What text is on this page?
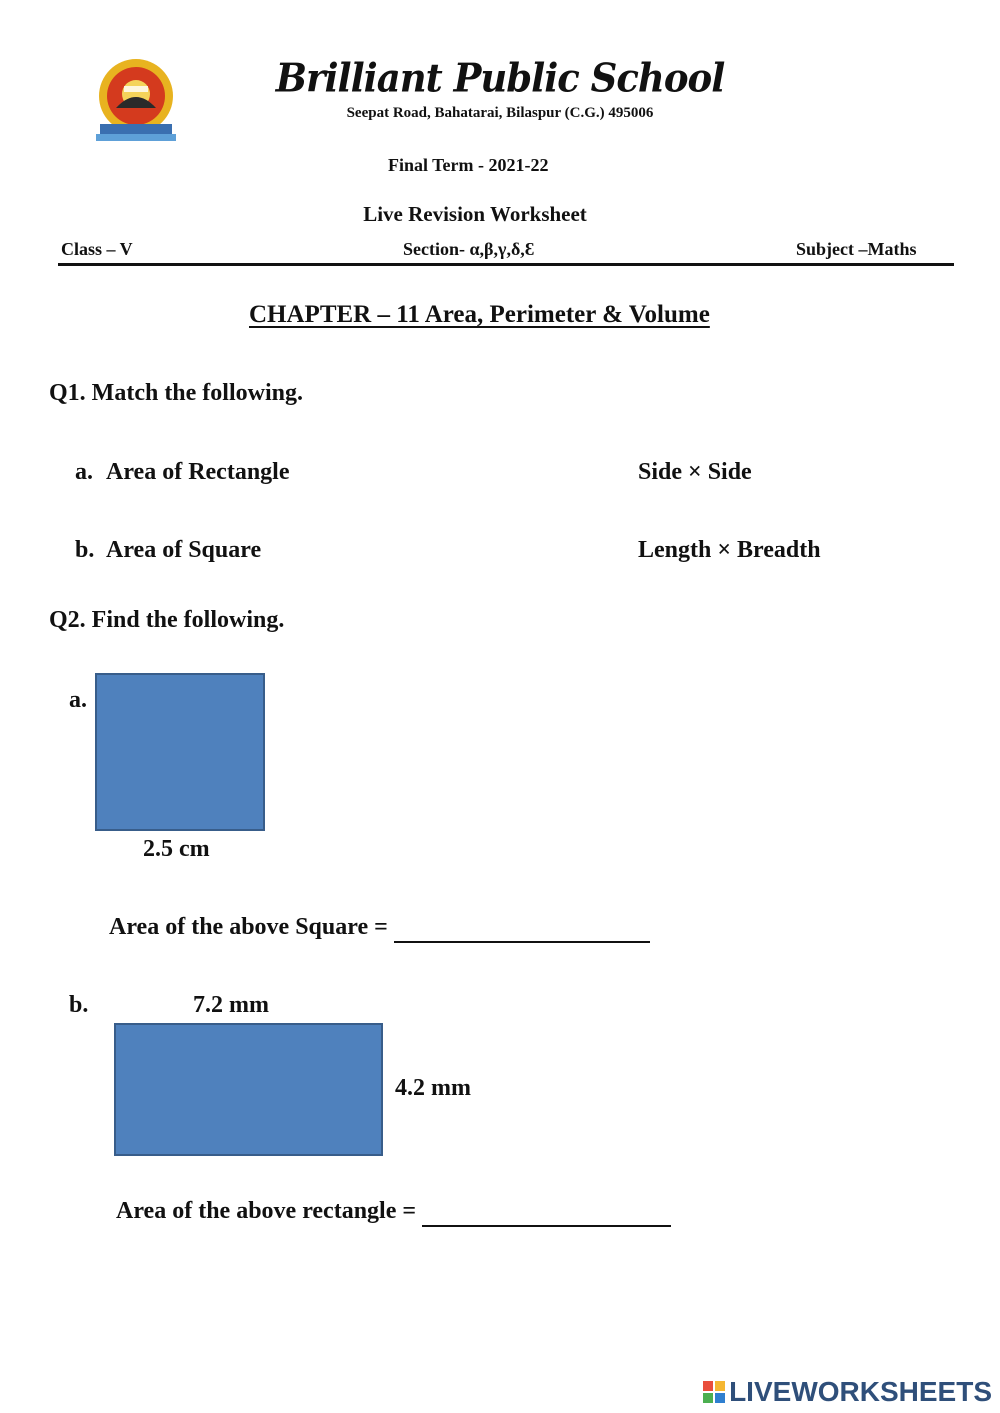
Brilliant Public School
Seepat Road, Bahatarai, Bilaspur (C.G.) 495006
Final Term - 2021-22
Live Revision Worksheet
Class – V	Section- α,β,γ,δ,Ɛ	Subject –Maths
CHAPTER – 11 Area, Perimeter & Volume
Q1. Match the following.
a. Area of Rectangle	Side × Side
b. Area of Square	Length × Breadth
Q2. Find the following.
a.
2.5 cm
Area of the above Square =
b.	7.2 mm
4.2 mm
Area of the above rectangle =
LIVEWORKSHEETS
